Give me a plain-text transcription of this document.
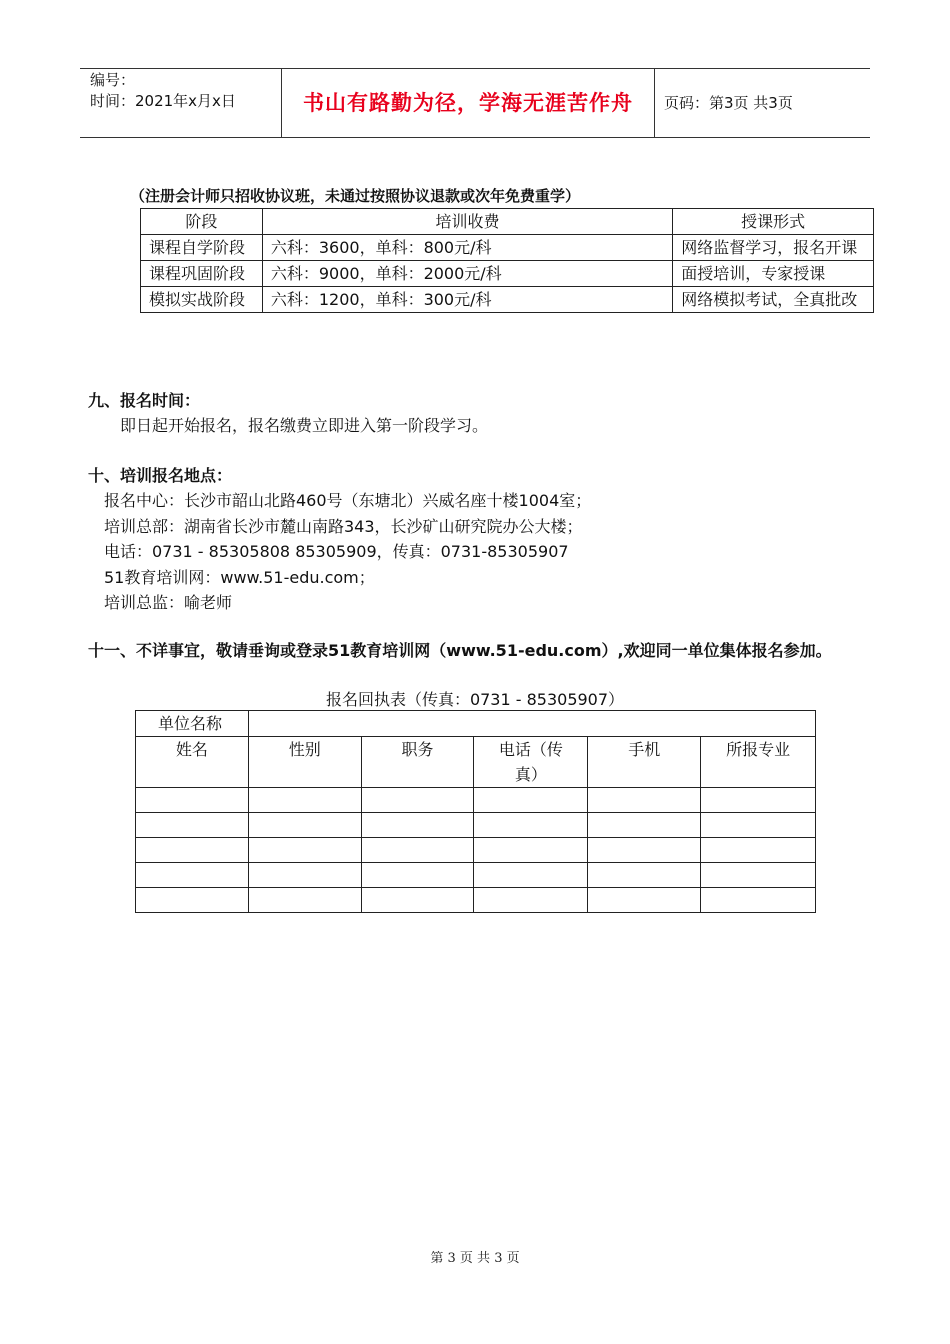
编号：
时间：2021年x月x日	书山有路勤为径，学海无涯苦作舟	页码：第3页 共3页
（注册会计师只招收协议班，未通过按照协议退款或次年免费重学）
阶段	培训收费	授课形式
课程自学阶段	六科：3600，单科：800元/科	网络监督学习，报名开课
课程巩固阶段	六科：9000，单科：2000元/科	面授培训，专家授课
模拟实战阶段	六科：1200，单科：300元/科	网络模拟考试，全真批改
九、报名时间：
即日起开始报名，报名缴费立即进入第一阶段学习。
十、培训报名地点：
报名中心：长沙市韶山北路460号（东塘北）兴威名座十楼1004室；
培训总部：湖南省长沙市麓山南路343，长沙矿山研究院办公大楼；
电话：0731 - 85305808 85305909，传真：0731-85305907
51教育培训网：www.51-edu.com；
培训总监：喻老师
十一、不详事宜，敬请垂询或登录51教育培训网（www.51-edu.com）,欢迎同一单位集体报名参加。
报名回执表（传真：0731 - 85305907）
单位名称					
姓名	性别	职务	电话（传真）	手机	所报专业

第 3 页 共 3 页
